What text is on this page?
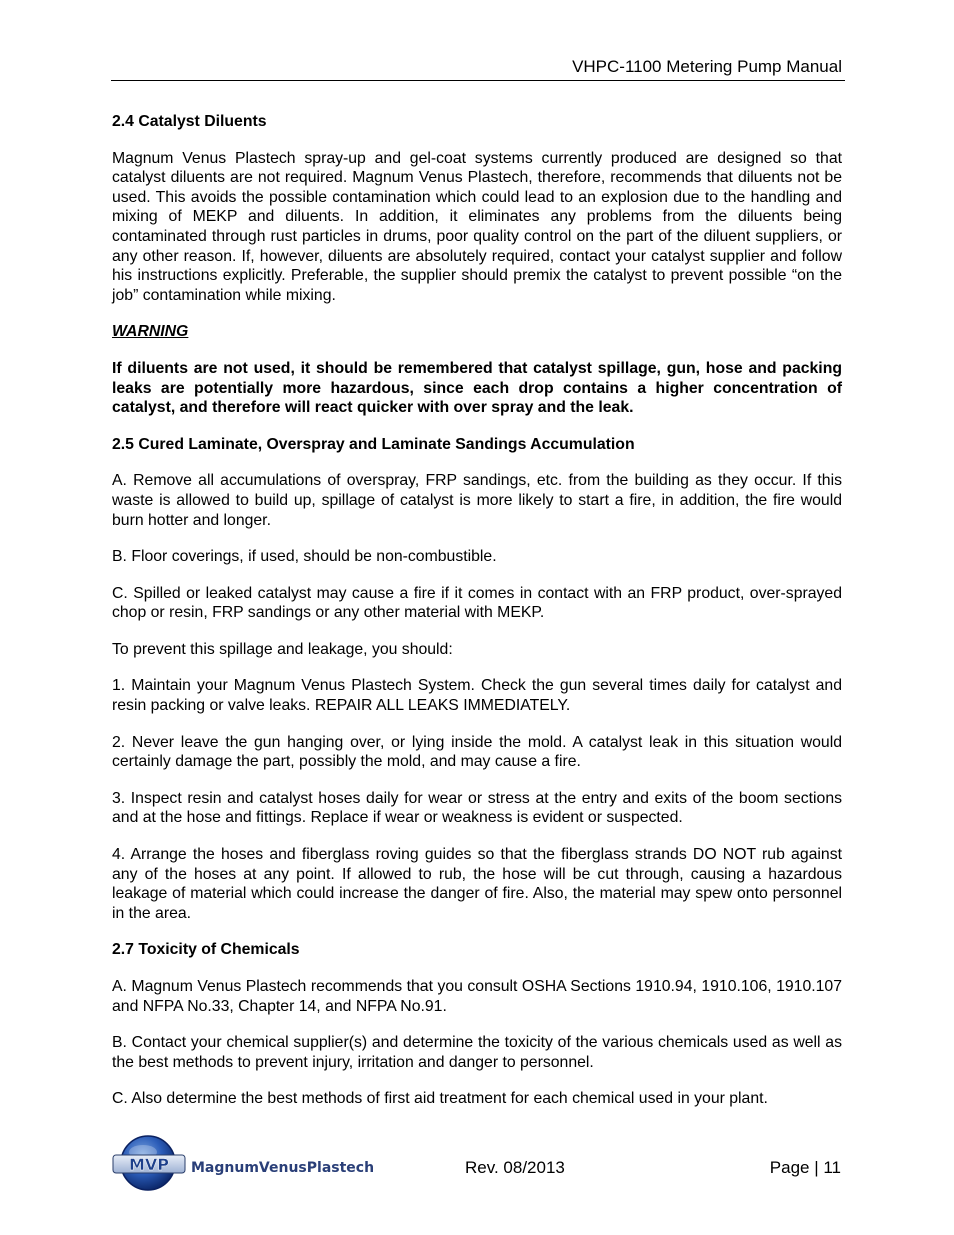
VHPC-1100 Metering Pump Manual
2.4 Catalyst Diluents

Magnum Venus Plastech spray-up and gel-coat systems currently produced are designed so that catalyst diluents are not required. Magnum Venus Plastech, therefore, recommends that diluents not be used. This avoids the possible contamination which could lead to an explosion due to the handling and mixing of MEKP and diluents. In addition, it eliminates any problems from the diluents being contaminated through rust particles in drums, poor quality control on the part of the diluent suppliers, or any other reason. If, however, diluents are absolutely required, contact your catalyst supplier and follow his instructions explicitly. Preferable, the supplier should premix the catalyst to prevent possible “on the job” contamination while mixing.

WARNING

If diluents are not used, it should be remembered that catalyst spillage, gun, hose and packing leaks are potentially more hazardous, since each drop contains a higher concentration of catalyst, and therefore will react quicker with over spray and the leak.

2.5 Cured Laminate, Overspray and Laminate Sandings Accumulation

A. Remove all accumulations of overspray, FRP sandings, etc. from the building as they occur. If this waste is allowed to build up, spillage of catalyst is more likely to start a fire, in addition, the fire would burn hotter and longer.

B. Floor coverings, if used, should be non-combustible.

C. Spilled or leaked catalyst may cause a fire if it comes in contact with an FRP product, over-sprayed chop or resin, FRP sandings or any other material with MEKP.

To prevent this spillage and leakage, you should:

1. Maintain your Magnum Venus Plastech System. Check the gun several times daily for catalyst and resin packing or valve leaks. REPAIR ALL LEAKS IMMEDIATELY.

2. Never leave the gun hanging over, or lying inside the mold. A catalyst leak in this situation would certainly damage the part, possibly the mold, and may cause a fire.

3. Inspect resin and catalyst hoses daily for wear or stress at the entry and exits of the boom sections and at the hose and fittings. Replace if wear or weakness is evident or suspected.

4. Arrange the hoses and fiberglass roving guides so that the fiberglass strands DO NOT rub against any of the hoses at any point. If allowed to rub, the hose will be cut through, causing a hazardous leakage of material which could increase the danger of fire. Also, the material may spew onto personnel in the area.

2.7 Toxicity of Chemicals

A. Magnum Venus Plastech recommends that you consult OSHA Sections 1910.94, 1910.106, 1910.107 and NFPA No.33, Chapter 14, and NFPA No.91.

B. Contact your chemical supplier(s) and determine the toxicity of the various chemicals used as well as the best methods to prevent injury, irritation and danger to personnel.

C. Also determine the best methods of first aid treatment for each chemical used in your plant.

MVP MagnumVenusPlastech	Rev. 08/2013	Page | 11
